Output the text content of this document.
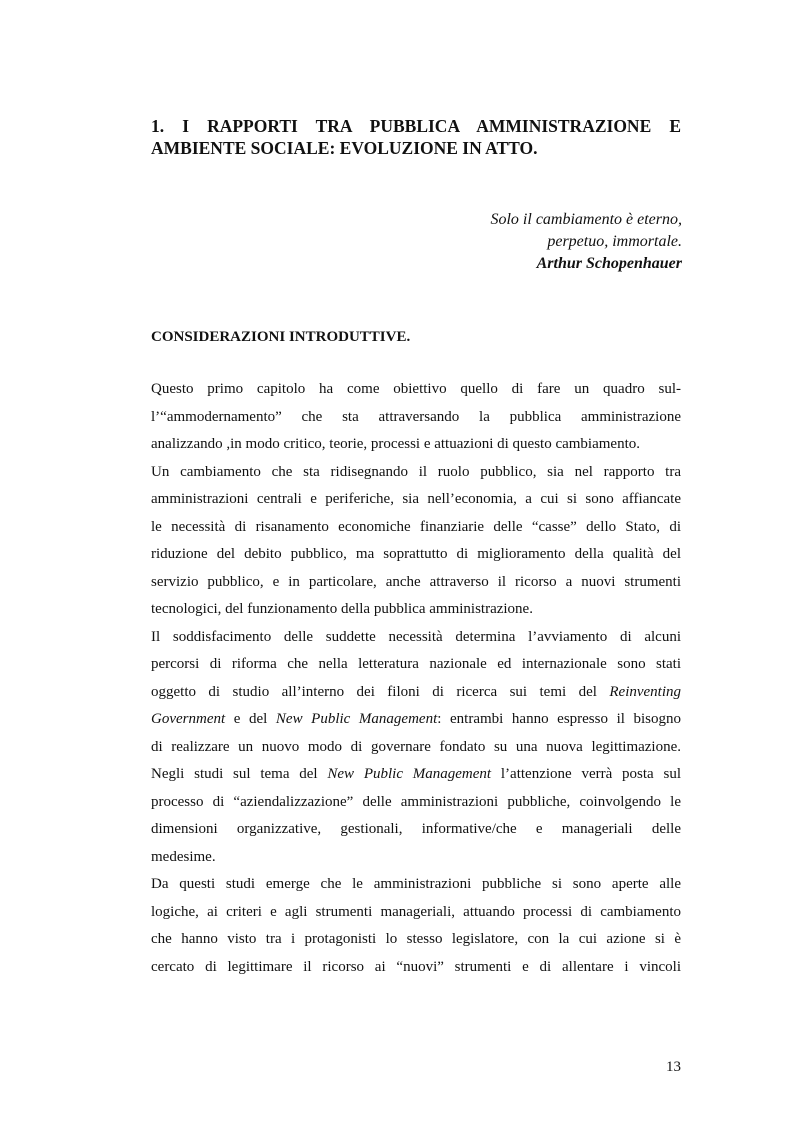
1. I RAPPORTI TRA PUBBLICA AMMINISTRAZIONE E
AMBIENTE SOCIALE: EVOLUZIONE IN ATTO.
Solo il cambiamento è eterno,
perpetuo, immortale.
Arthur Schopenhauer
CONSIDERAZIONI INTRODUTTIVE.
Questo primo capitolo ha come obiettivo quello di fare un quadro sul-
l’“ammodernamento” che sta attraversando la pubblica amministrazione
analizzando ,in modo critico, teorie, processi e attuazioni di questo cambiamento.
Un cambiamento che sta ridisegnando il ruolo pubblico, sia nel rapporto tra
amministrazioni centrali e periferiche, sia nell’economia, a cui si sono affiancate
le necessità di risanamento economiche finanziarie delle “casse” dello Stato, di
riduzione del debito pubblico, ma soprattutto di miglioramento della qualità del
servizio pubblico, e in particolare, anche attraverso il ricorso a nuovi strumenti
tecnologici, del funzionamento della pubblica amministrazione.
Il soddisfacimento delle suddette necessità determina l’avviamento di alcuni
percorsi di riforma che nella letteratura nazionale ed internazionale sono stati
oggetto di studio all’interno dei filoni di ricerca sui temi del Reinventing
Government e del New Public Management: entrambi hanno espresso il bisogno
di realizzare un nuovo modo di governare fondato su una nuova legittimazione.
Negli studi sul tema del New Public Management l’attenzione verrà posta sul
processo di “aziendalizzazione” delle amministrazioni pubbliche, coinvolgendo le
dimensioni organizzative, gestionali, informative/che e manageriali delle
medesime.
Da questi studi emerge che le amministrazioni pubbliche si sono aperte alle
logiche, ai criteri e agli strumenti manageriali, attuando processi di cambiamento
che hanno visto tra i protagonisti lo stesso legislatore, con la cui azione si è
cercato di legittimare il ricorso ai “nuovi” strumenti e di allentare i vincoli
13
